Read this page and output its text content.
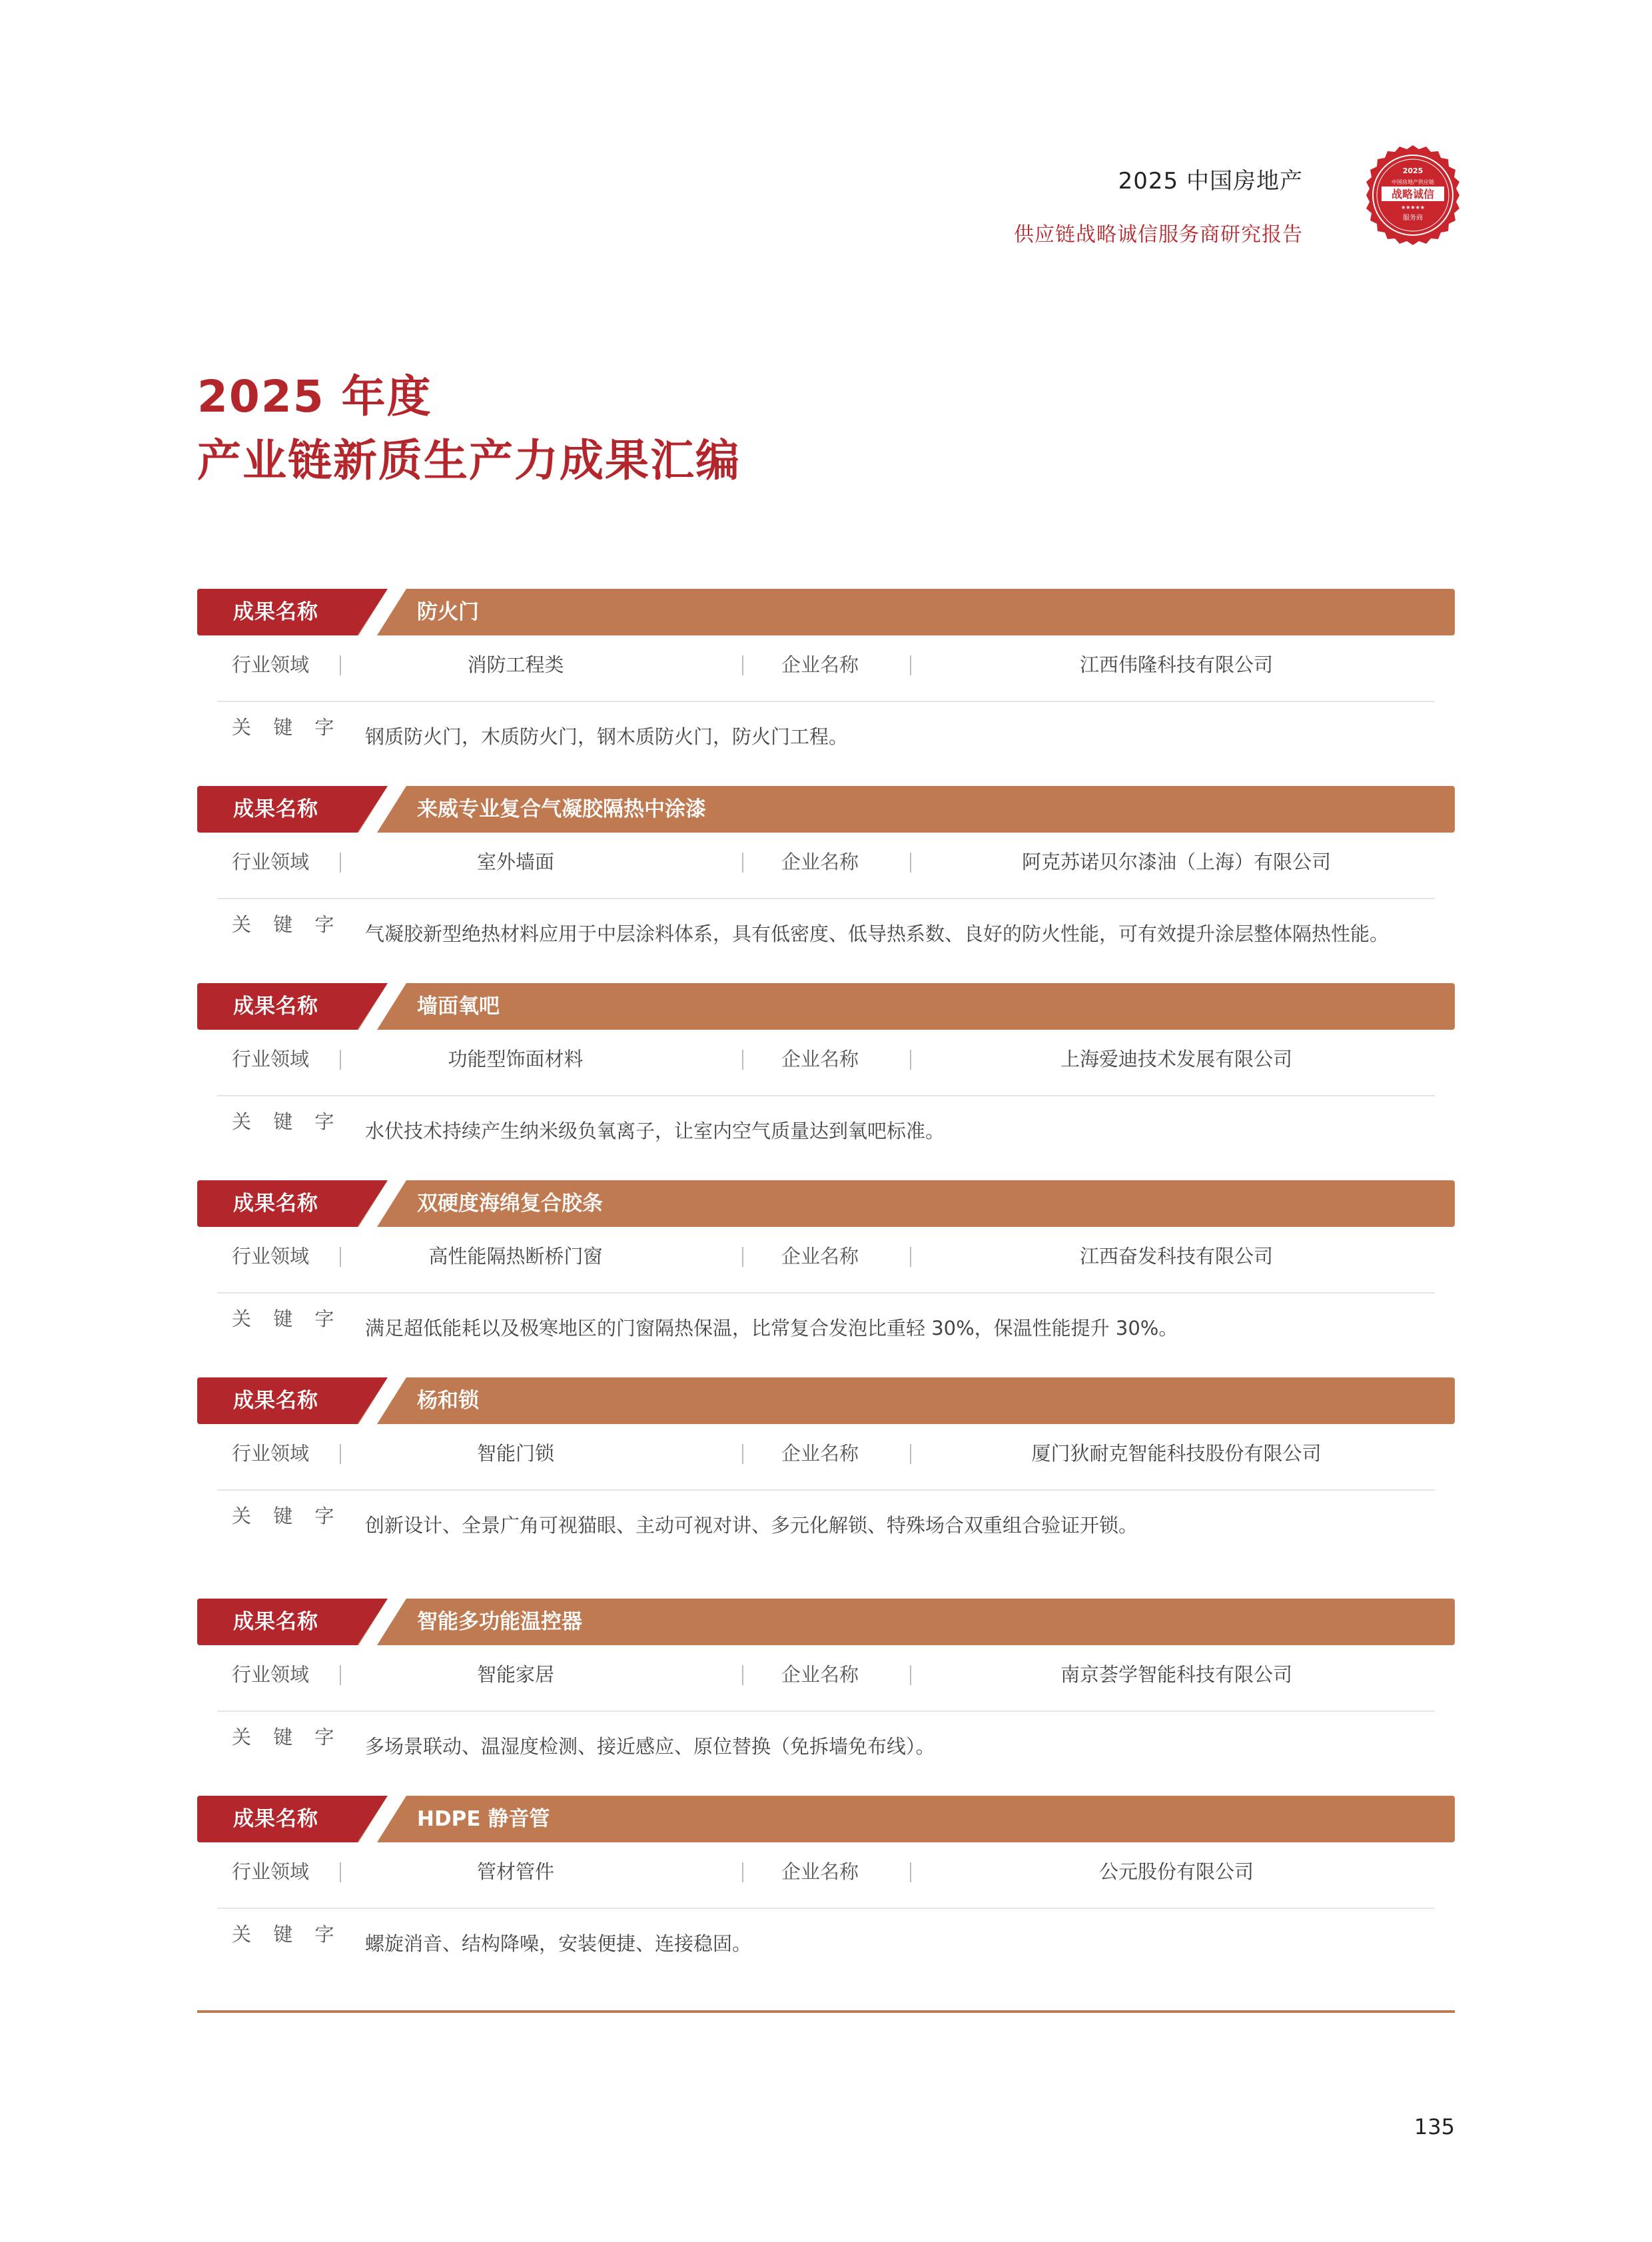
2025 中国房地产
供应链战略诚信服务商研究报告
2025
中国房地产供应链
战略诚信
★★★★★
服务商
2025 年度
产业链新质生产力成果汇编
成果名称	防火门
行业领域	消防工程类	企业名称	江西伟隆科技有限公司
关 键 字 钢质防火门，木质防火门，钢木质防火门，防火门工程。
成果名称	来威专业复合气凝胶隔热中涂漆
行业领域	室外墙面	企业名称	阿克苏诺贝尔漆油（上海）有限公司
关 键 字 气凝胶新型绝热材料应用于中层涂料体系，具有低密度、低导热系数、良好的防火性能，可有效提升涂层整体隔热性能。
成果名称	墙面氧吧
行业领域	功能型饰面材料	企业名称	上海爱迪技术发展有限公司
关 键 字 水伏技术持续产生纳米级负氧离子，让室内空气质量达到氧吧标准。
成果名称	双硬度海绵复合胶条
行业领域	高性能隔热断桥门窗	企业名称	江西奋发科技有限公司
关 键 字 满足超低能耗以及极寒地区的门窗隔热保温，比常复合发泡比重轻 30%，保温性能提升 30%。
成果名称	杨和锁
行业领域	智能门锁	企业名称	厦门狄耐克智能科技股份有限公司
关 键 字 创新设计、全景广角可视猫眼、主动可视对讲、多元化解锁、特殊场合双重组合验证开锁。
成果名称	智能多功能温控器
行业领域	智能家居	企业名称	南京荟学智能科技有限公司
关 键 字 多场景联动、温湿度检测、接近感应、原位替换（免拆墙免布线）。
成果名称	HDPE 静音管
行业领域	管材管件	企业名称	公元股份有限公司
关 键 字 螺旋消音、结构降噪，安装便捷、连接稳固。
135
